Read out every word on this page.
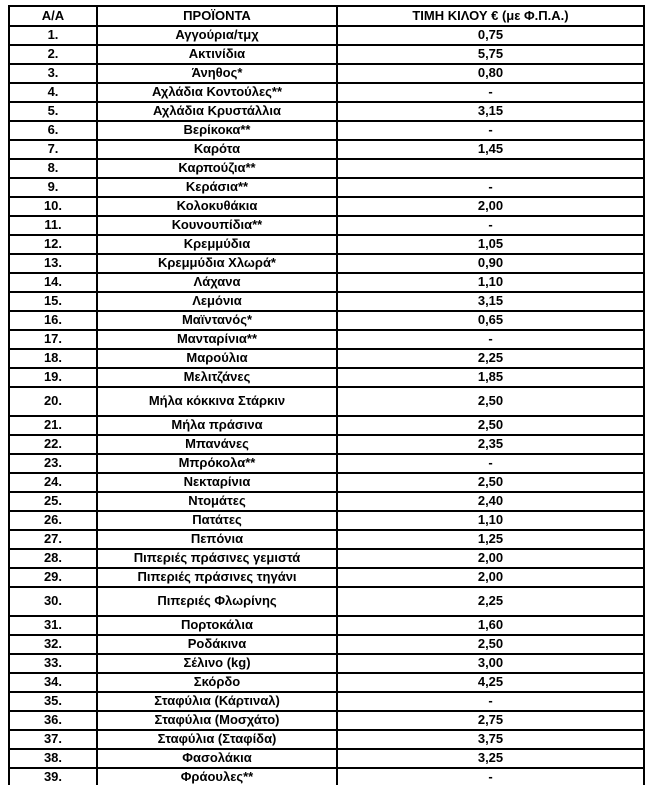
Α/Α	ΠΡΟΪΟΝΤΑ	ΤΙΜΗ ΚΙΛΟΥ € (με Φ.Π.Α.)
1.	Αγγούρια/τμχ	0,75
2.	Ακτινίδια	5,75
3.	Άνηθος*	0,80
4.	Αχλάδια Κοντούλες**	-
5.	Αχλάδια Κρυστάλλια	3,15
6.	Βερίκοκα**	-
7.	Καρότα	1,45
8.	Καρπούζια**	
9.	Κεράσια**	-
10.	Κολοκυθάκια	2,00
11.	Κουνουπίδια**	-
12.	Κρεμμύδια	1,05
13.	Κρεμμύδια Χλωρά*	0,90
14.	Λάχανα	1,10
15.	Λεμόνια	3,15
16.	Μαϊντανός*	0,65
17.	Μανταρίνια**	-
18.	Μαρούλια	2,25
19.	Μελιτζάνες	1,85
20.	Μήλα κόκκινα Στάρκιν	2,50
21.	Μήλα πράσινα	2,50
22.	Μπανάνες	2,35
23.	Μπρόκολα**	-
24.	Νεκταρίνια	2,50
25.	Ντομάτες	2,40
26.	Πατάτες	1,10
27.	Πεπόνια	1,25
28.	Πιπεριές πράσινες γεμιστά	2,00
29.	Πιπεριές πράσινες τηγάνι	2,00
30.	Πιπεριές Φλωρίνης	2,25
31.	Πορτοκάλια	1,60
32.	Ροδάκινα	2,50
33.	Σέλινο (kg)	3,00
34.	Σκόρδο	4,25
35.	Σταφύλια (Κάρτιναλ)	-
36.	Σταφύλια (Μοσχάτο)	2,75
37.	Σταφύλια (Σταφίδα)	3,75
38.	Φασολάκια	3,25
39.	Φράουλες**	-
